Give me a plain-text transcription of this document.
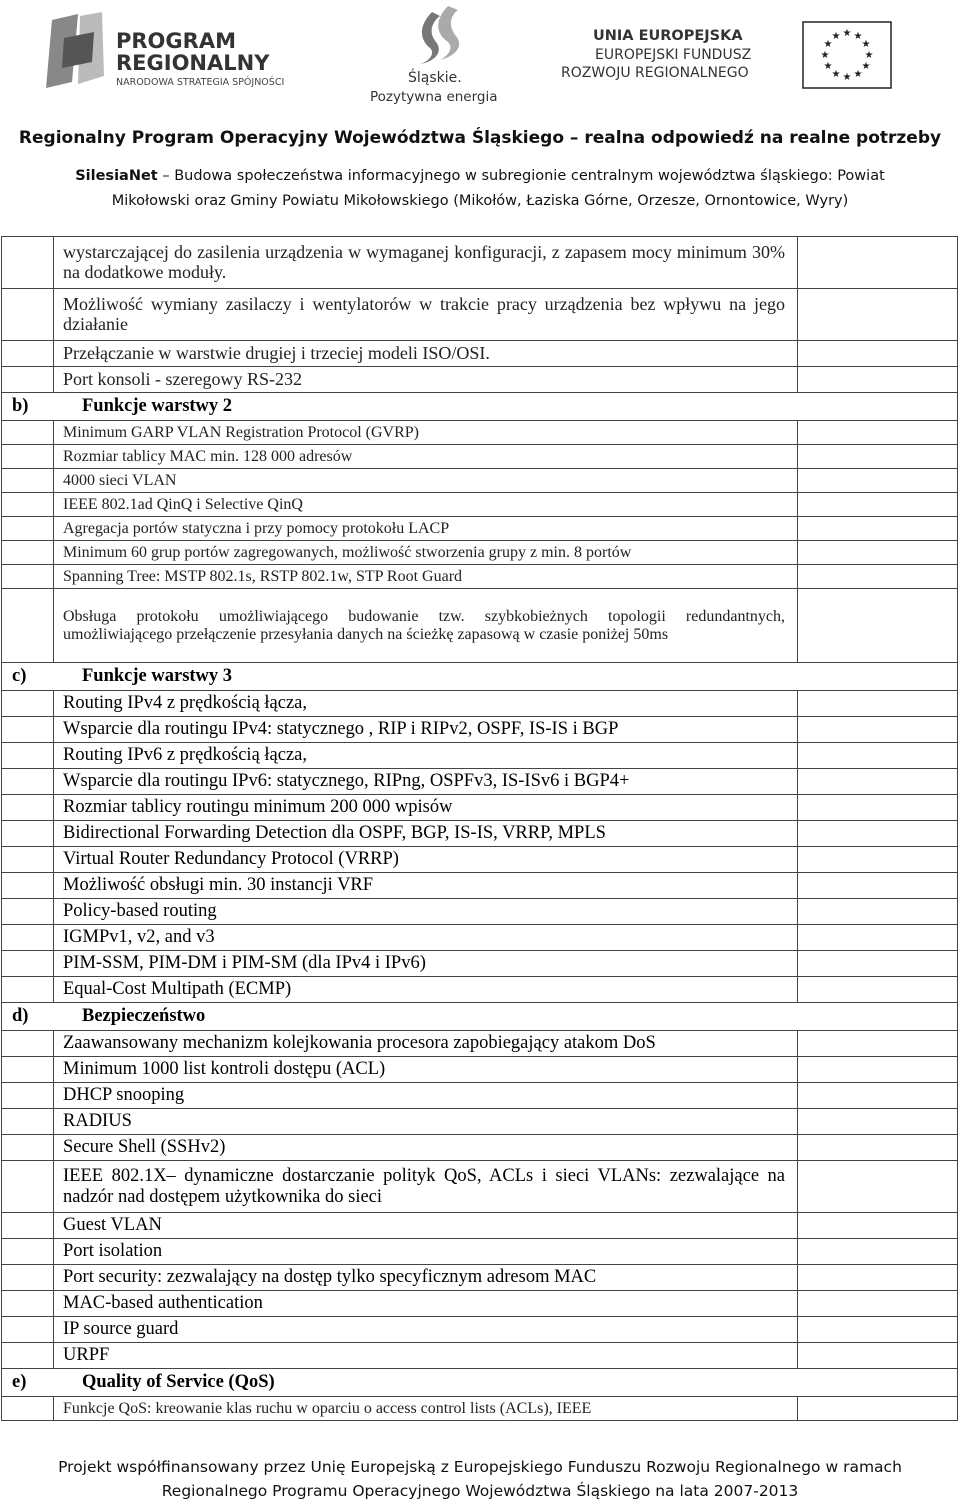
PROGRAM
REGIONALNY
NARODOWA STRATEGIA SPÓJNOŚCI	Śląskie.
Pozytywna energia
UNIA EUROPEJSKA
EUROPEJSKI FUNDUSZ
ROZWOJU REGIONALNEGO
★ ★
★
★
★
★
★
★
★
★
★
★
Regionalny Program Operacyjny Województwa Śląskiego – realna odpowiedź na realne potrzeby
SilesiaNet – Budowa społeczeństwa informacyjnego w subregionie centralnym województwa śląskiego: Powiat
Mikołowski oraz Gminy Powiatu Mikołowskiego (Mikołów, Łaziska Górne, Orzesze, Ornontowice, Wyry)
	wystarczającej do zasilenia urządzenia w wymaganej konfiguracji, z zapasem mocy minimum 30% na dodatkowe moduły.	
	Możliwość wymiany zasilaczy i wentylatorów w trakcie pracy urządzenia bez wpływu na jego działanie	
	Przełączanie w warstwie drugiej i trzeciej modeli ISO/OSI.	
	Port konsoli - szeregowy RS-232	
b) Funkcje warstwy 2		
	Minimum GARP VLAN Registration Protocol (GVRP)	
	Rozmiar tablicy MAC min. 128 000 adresów	
	4000 sieci VLAN	
	IEEE 802.1ad QinQ i Selective QinQ	
	Agregacja portów statyczna i przy pomocy protokołu LACP	
	Minimum 60 grup portów zagregowanych, możliwość stworzenia grupy z min. 8 portów	
	Spanning Tree: MSTP 802.1s, RSTP 802.1w, STP Root Guard	
	Obsługa protokołu umożliwiającego budowanie tzw. szybkobieżnych topologii redundantnych, umożliwiającego przełączenie przesyłania danych na ścieżkę zapasową w czasie poniżej 50ms	
c) Funkcje warstwy 3		
	Routing IPv4 z prędkością łącza,	
	Wsparcie dla routingu IPv4: statycznego , RIP i RIPv2, OSPF, IS-IS i BGP	
	Routing IPv6 z prędkością łącza,	
	Wsparcie dla routingu IPv6: statycznego, RIPng, OSPFv3, IS-ISv6 i BGP4+	
	Rozmiar tablicy routingu minimum 200 000 wpisów	
	Bidirectional Forwarding Detection dla OSPF, BGP, IS-IS, VRRP, MPLS	
	Virtual Router Redundancy Protocol (VRRP)	
	Możliwość obsługi min. 30 instancji VRF	
	Policy-based routing	
	IGMPv1, v2, and v3	
	PIM-SSM, PIM-DM i PIM-SM (dla IPv4 i IPv6)	
	Equal-Cost Multipath (ECMP)	
d) Bezpieczeństwo		
	Zaawansowany mechanizm kolejkowania procesora zapobiegający atakom DoS	
	Minimum 1000 list kontroli dostępu (ACL)	
	DHCP snooping	
	RADIUS	
	Secure Shell (SSHv2)	
	IEEE 802.1X– dynamiczne dostarczanie polityk QoS, ACLs i sieci VLANs: zezwalające na nadzór nad dostępem użytkownika do sieci	
	Guest VLAN	
	Port isolation	
	Port security: zezwalający na dostęp tylko specyficznym adresom MAC	
	MAC-based authentication	
	IP source guard	
	URPF	
e) Quality of Service (QoS)		
	Funkcje QoS: kreowanie klas ruchu w oparciu o access control lists (ACLs), IEEE	
Projekt współfinansowany przez Unię Europejską z Europejskiego Funduszu Rozwoju Regionalnego w ramach
Regionalnego Programu Operacyjnego Województwa Śląskiego na lata 2007-2013
